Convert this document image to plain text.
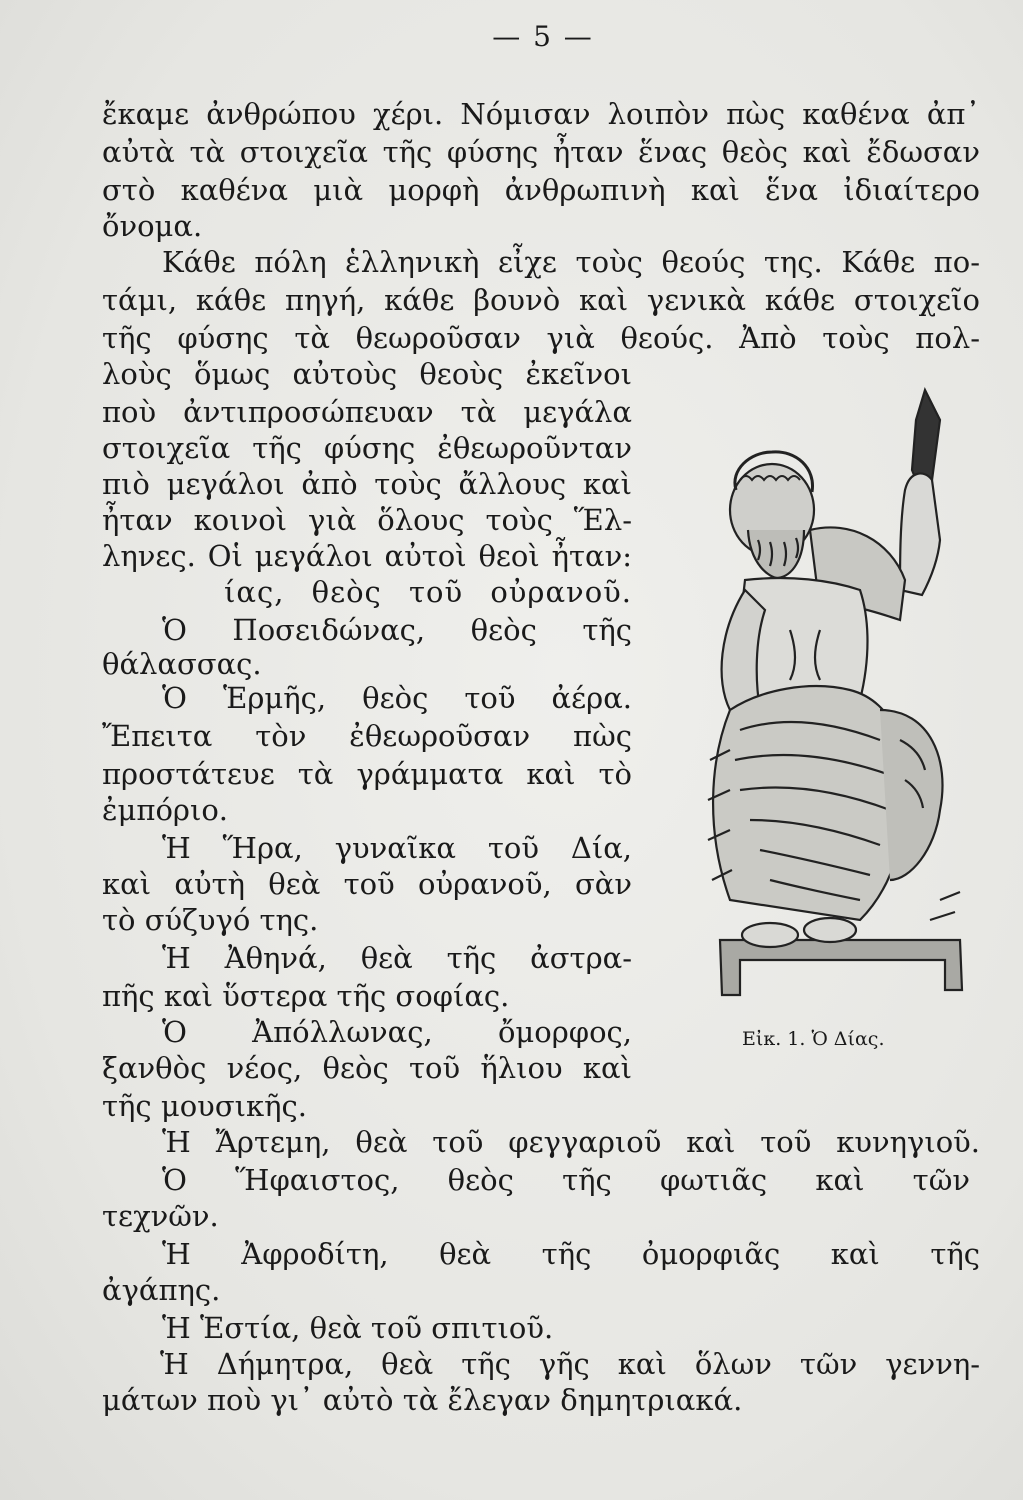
— 5 —
ἔκαμε ἀνθρώπου χέρι. Νόμισαν λοιπὸν πὼς καθένα ἀπ᾽
αὐτὰ τὰ στοιχεῖα τῆς φύσης ἦταν ἕνας θεὸς καὶ ἔδωσαν
στὸ καθένα μιὰ μορφὴ ἀνθρωπινὴ καὶ ἕνα ἰδιαίτερο
ὄνομα.
Κάθε πόλη ἑλληνικὴ εἶχε τοὺς θεούς της. Κάθε πο-
τάμι, κάθε πηγή, κάθε βουνὸ καὶ γενικὰ κάθε στοιχεῖο
τῆς φύσης τὰ θεωροῦσαν γιὰ θεούς. Ἀπὸ τοὺς πολ-
λοὺς ὅμως αὐτοὺς θεοὺς ἐκεῖνοι
ποὺ ἀντιπροσώπευαν τὰ μεγάλα
στοιχεῖα τῆς φύσης ἐθεωροῦνταν
πιὸ μεγάλοι ἀπὸ τοὺς ἄλλους καὶ
ἦταν κοινοὶ γιὰ ὅλους τοὺς Ἕλ-
ληνες. Οἱ μεγάλοι αὐτοὶ θεοὶ ἦταν:
ίας, θεὸς τοῦ οὐρανοῦ.
Ὁ Ποσειδώνας, θεὸς τῆς
θάλασσας.
Ὁ Ἑρμῆς, θεὸς τοῦ ἀέρα.
Ἔπειτα τὸν ἐθεωροῦσαν πὼς
προστάτευε τὰ γράμματα καὶ τὸ
ἐμπόριο.
Ἡ Ἥρα, γυναῖκα τοῦ Δία,
καὶ αὐτὴ θεὰ τοῦ οὐρανοῦ, σὰν
τὸ σύζυγό της.
Ἡ Ἀθηνά, θεὰ τῆς ἀστρα-
πῆς καὶ ὕστερα τῆς σοφίας.
Ὁ Ἀπόλλωνας, ὄμορφος,
ξανθὸς νέος, θεὸς τοῦ ἥλιου καὶ
τῆς μουσικῆς.
Ἡ Ἄρτεμη, θεὰ τοῦ φεγγαριοῦ καὶ τοῦ κυνηγιοῦ.
Ὁ Ἥφαιστος, θεὸς τῆς φωτιᾶς καὶ τῶν
τεχνῶν.
Ἡ Ἀφροδίτη, θεὰ τῆς ὀμορφιᾶς καὶ τῆς
ἀγάπης.
Ἡ Ἑστία, θεὰ τοῦ σπιτιοῦ.
Ἡ Δήμητρα, θεὰ τῆς γῆς καὶ ὅλων τῶν γεννη-
μάτων ποὺ γι᾽ αὐτὸ τὰ ἔλεγαν δημητριακά.
Εἰκ. 1. Ὁ Δίας.
